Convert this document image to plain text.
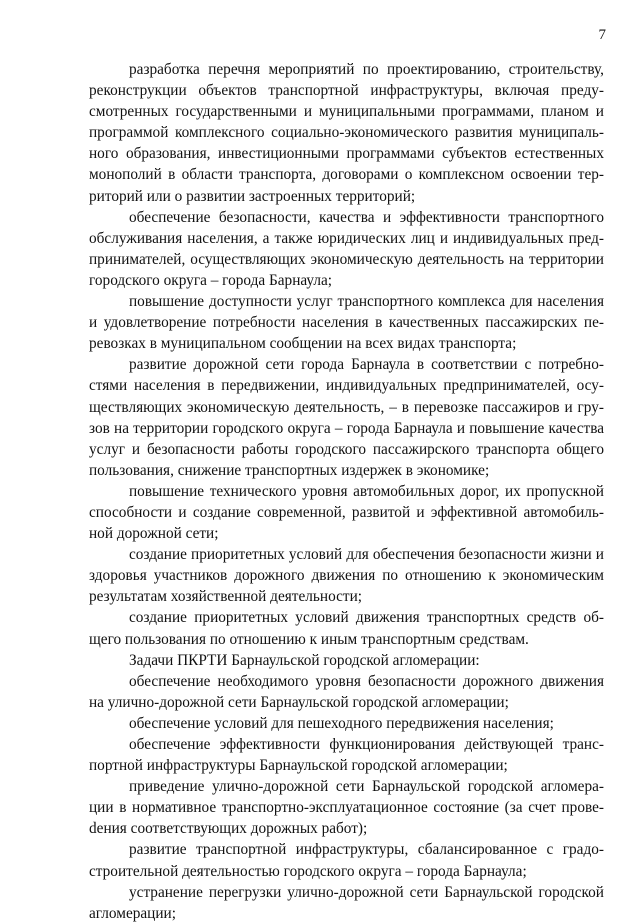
7

разработка перечня мероприятий по проектированию, строительству, реконструкции объектов транспортной инфраструктуры, включая предусмотренных государственными и муниципальными программами, планом и программой комплексного социально-экономического развития муниципального образования, инвестиционными программами субъектов естественных монополий в области транспорта, договорами о комплексном освоении территорий или о развитии застроенных территорий;

обеспечение безопасности, качества и эффективности транспортного обслуживания населения, а также юридических лиц и индивидуальных предпринимателей, осуществляющих экономическую деятельность на территории городского округа – города Барнаула;

повышение доступности услуг транспортного комплекса для населения и удовлетворение потребности населения в качественных пассажирских перевозках в муниципальном сообщении на всех видах транспорта;

развитие дорожной сети города Барнаула в соответствии с потребностями населения в передвижении, индивидуальных предпринимателей, осуществляющих экономическую деятельность, – в перевозке пассажиров и грузов на территории городского округа – города Барнаула и повышение качества услуг и безопасности работы городского пассажирского транспорта общего пользования, снижение транспортных издержек в экономике;

повышение технического уровня автомобильных дорог, их пропускной способности и создание современной, развитой и эффективной автомобильной дорожной сети;

создание приоритетных условий для обеспечения безопасности жизни и здоровья участников дорожного движения по отношению к экономическим результатам хозяйственной деятельности;

создание приоритетных условий движения транспортных средств общего пользования по отношению к иным транспортным средствам.

Задачи ПКРТИ Барнаульской городской агломерации:

обеспечение необходимого уровня безопасности дорожного движения на улично-дорожной сети Барнаульской городской агломерации;

обеспечение условий для пешеходного передвижения населения;

обеспечение эффективности функционирования действующей транспортной инфраструктуры Барнаульской городской агломерации;

приведение улично-дорожной сети Барнаульской городской агломерации в нормативное транспортно-эксплуатационное состояние (за счет провеdения соответствующих дорожных работ);

развитие транспортной инфраструктуры, сбалансированное с градостроительной деятельностью городского округа – города Барнаула;

устранение перегрузки улично-дорожной сети Барнаульской городской агломерации;
